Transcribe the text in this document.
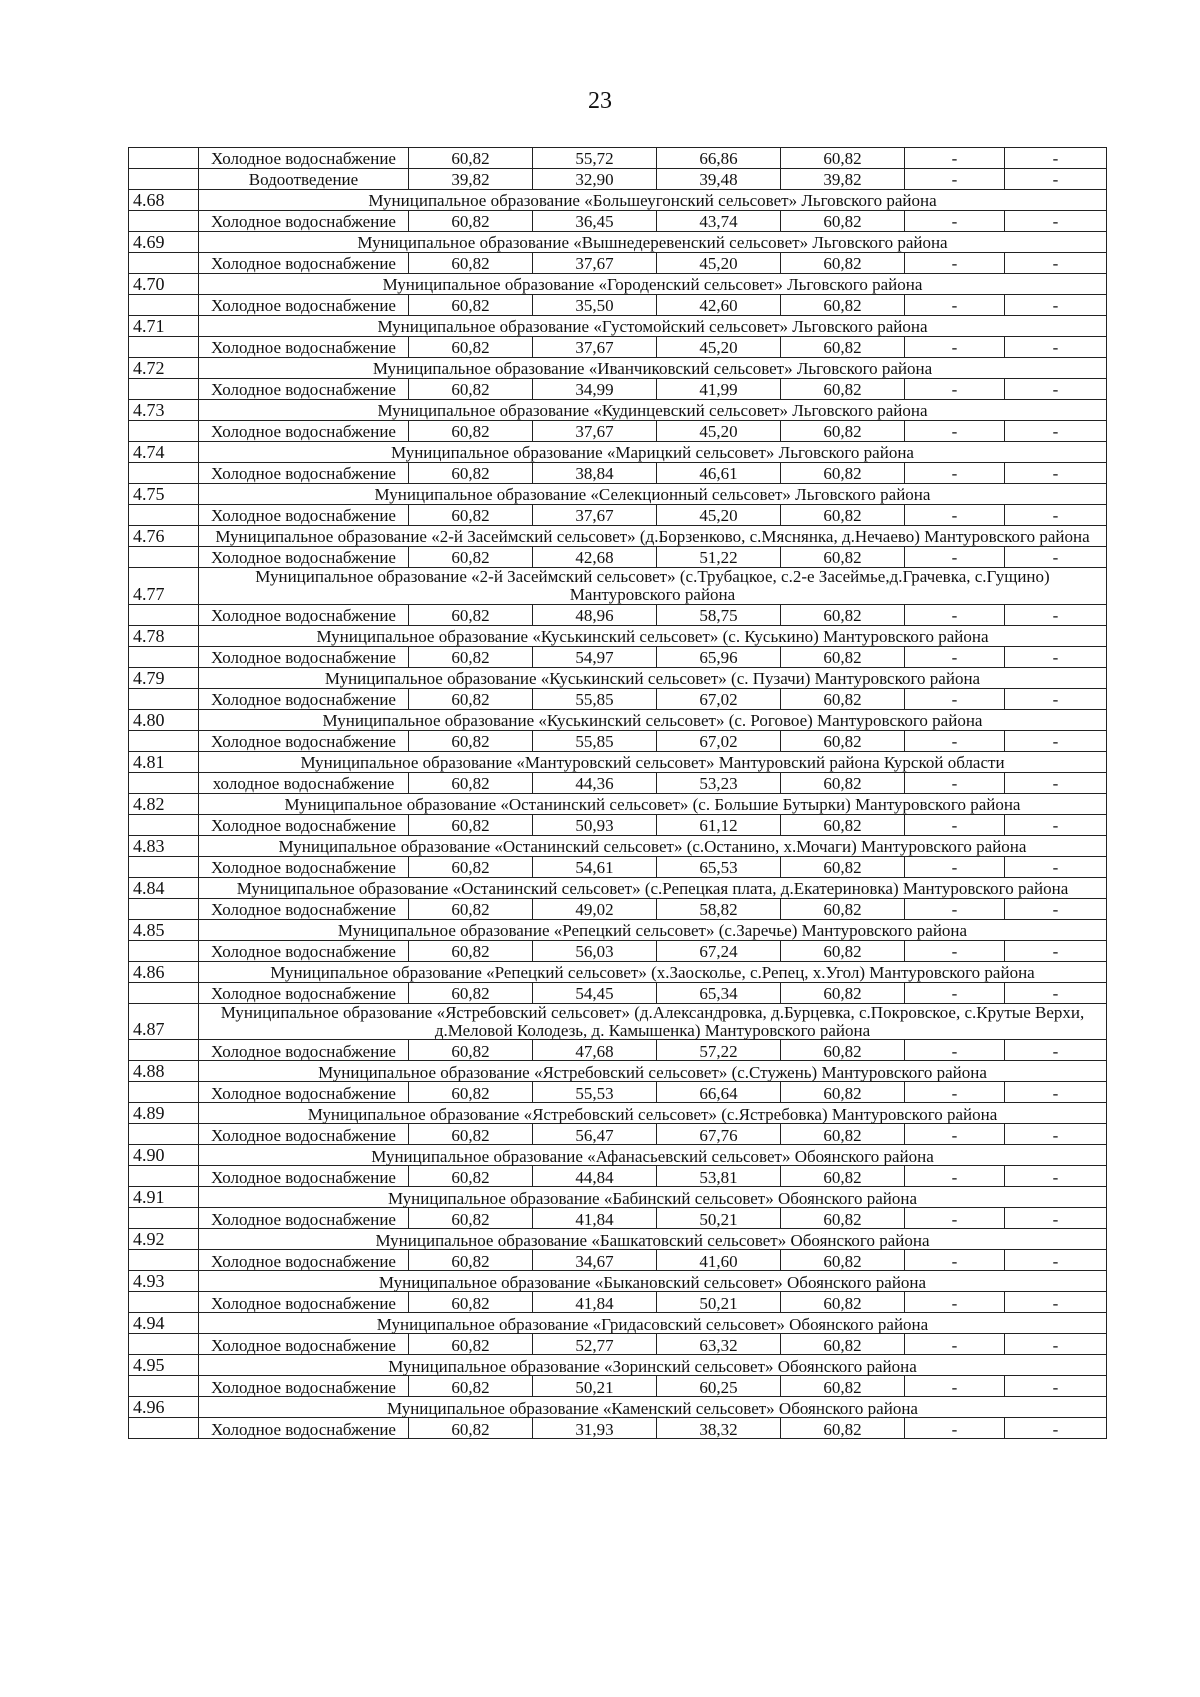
23
	Холодное водоснабжение	60,82	55,72	66,86	60,82	-	-
	Водоотведение	39,82	32,90	39,48	39,82	-	-
4.68	Муниципальное образование «Большеугонский сельсовет» Льговского района						
	Холодное водоснабжение	60,82	36,45	43,74	60,82	-	-
4.69	Муниципальное образование «Вышнедеревенский сельсовет» Льговского района						
	Холодное водоснабжение	60,82	37,67	45,20	60,82	-	-
4.70	Муниципальное образование «Городенский сельсовет» Льговского района						
	Холодное водоснабжение	60,82	35,50	42,60	60,82	-	-
4.71	Муниципальное образование «Густомойский сельсовет» Льговского района						
	Холодное водоснабжение	60,82	37,67	45,20	60,82	-	-
4.72	Муниципальное образование «Иванчиковский сельсовет» Льговского района						
	Холодное водоснабжение	60,82	34,99	41,99	60,82	-	-
4.73	Муниципальное образование «Кудинцевский сельсовет» Льговского района						
	Холодное водоснабжение	60,82	37,67	45,20	60,82	-	-
4.74	Муниципальное образование «Марицкий сельсовет» Льговского района						
	Холодное водоснабжение	60,82	38,84	46,61	60,82	-	-
4.75	Муниципальное образование «Селекционный сельсовет» Льговского района						
	Холодное водоснабжение	60,82	37,67	45,20	60,82	-	-
4.76	Муниципальное образование «2-й Засеймский сельсовет» (д.Борзенково, с.Мяснянка, д.Нечаево) Мантуровского района						
	Холодное водоснабжение	60,82	42,68	51,22	60,82	-	-
4.77	Муниципальное образование «2-й Засеймский сельсовет» (с.Трубацкое, с.2-е Засеймье,д.Грачевка, с.Гущино) Мантуровского района						
	Холодное водоснабжение	60,82	48,96	58,75	60,82	-	-
4.78	Муниципальное образование «Куськинский сельсовет» (с. Куськино) Мантуровского района						
	Холодное водоснабжение	60,82	54,97	65,96	60,82	-	-
4.79	Муниципальное образование «Куськинский сельсовет» (с. Пузачи) Мантуровского района						
	Холодное водоснабжение	60,82	55,85	67,02	60,82	-	-
4.80	Муниципальное образование «Куськинский сельсовет» (с. Роговое) Мантуровского района						
	Холодное водоснабжение	60,82	55,85	67,02	60,82	-	-
4.81	Муниципальное образование «Мантуровский сельсовет» Мантуровский района Курской области						
	холодное водоснабжение	60,82	44,36	53,23	60,82	-	-
4.82	Муниципальное образование «Останинский сельсовет» (с. Большие Бутырки) Мантуровского района						
	Холодное водоснабжение	60,82	50,93	61,12	60,82	-	-
4.83	Муниципальное образование «Останинский сельсовет» (с.Останино, х.Мочаги) Мантуровского района						
	Холодное водоснабжение	60,82	54,61	65,53	60,82	-	-
4.84	Муниципальное образование «Останинский сельсовет» (с.Репецкая плата, д.Екатериновка) Мантуровского района						
	Холодное водоснабжение	60,82	49,02	58,82	60,82	-	-
4.85	Муниципальное образование «Репецкий сельсовет» (с.Заречье) Мантуровского района						
	Холодное водоснабжение	60,82	56,03	67,24	60,82	-	-
4.86	Муниципальное образование «Репецкий сельсовет» (х.Заосколье, с.Репец, х.Угол) Мантуровского района						
	Холодное водоснабжение	60,82	54,45	65,34	60,82	-	-
4.87	Муниципальное образование «Ястребовский сельсовет» (д.Александровка, д.Бурцевка, с.Покровское, с.Крутые Верхи, д.Меловой Колодезь, д. Камышенка) Мантуровского района						
	Холодное водоснабжение	60,82	47,68	57,22	60,82	-	-
4.88	Муниципальное образование «Ястребовский сельсовет» (с.Стужень) Мантуровского района						
	Холодное водоснабжение	60,82	55,53	66,64	60,82	-	-
4.89	Муниципальное образование «Ястребовский сельсовет» (с.Ястребовка) Мантуровского района						
	Холодное водоснабжение	60,82	56,47	67,76	60,82	-	-
4.90	Муниципальное образование «Афанасьевский сельсовет» Обоянского района						
	Холодное водоснабжение	60,82	44,84	53,81	60,82	-	-
4.91	Муниципальное образование «Бабинский сельсовет» Обоянского района						
	Холодное водоснабжение	60,82	41,84	50,21	60,82	-	-
4.92	Муниципальное образование «Башкатовский сельсовет» Обоянского района						
	Холодное водоснабжение	60,82	34,67	41,60	60,82	-	-
4.93	Муниципальное образование «Быкановский сельсовет» Обоянского района						
	Холодное водоснабжение	60,82	41,84	50,21	60,82	-	-
4.94	Муниципальное образование «Гридасовский сельсовет» Обоянского района						
	Холодное водоснабжение	60,82	52,77	63,32	60,82	-	-
4.95	Муниципальное образование «Зоринский сельсовет» Обоянского района						
	Холодное водоснабжение	60,82	50,21	60,25	60,82	-	-
4.96	Муниципальное образование «Каменский сельсовет» Обоянского района						
	Холодное водоснабжение	60,82	31,93	38,32	60,82	-	-
